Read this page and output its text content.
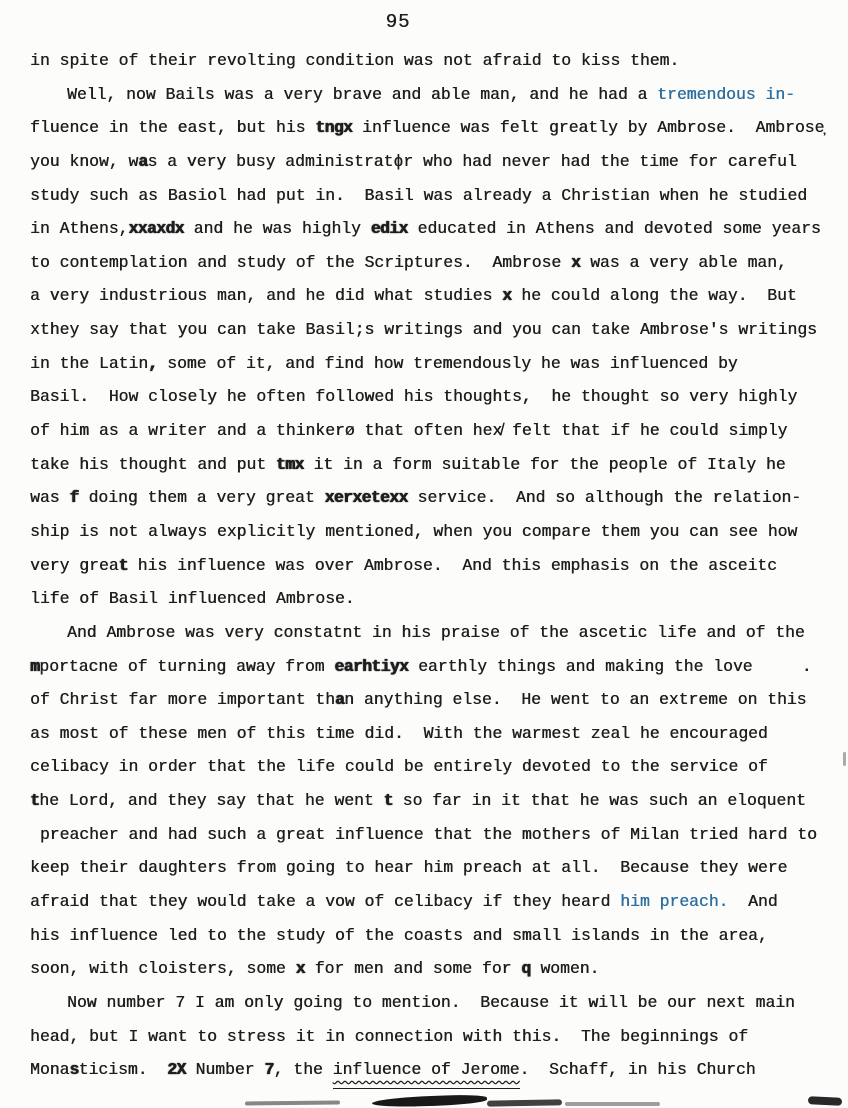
95
in spite of their revolting condition was not afraid to kiss them.
Well, now Bails was a very brave and able man, and he had a tremendous in-
fluence in the east, but his tngx influence was felt greatly by Ambrose.  Ambrose̦
you know, was a very busy administratɸr who had never had the time for careful
study such as Basiol had put in.  Basil was already a Christian when he studied
in Athens,xxaxdx and he was highly edix educated in Athens and devoted some years
to contemplation and study of the Scriptures.  Ambrose x was a very able man,
a very industrious man, and he did what studies x he could along the way.  But
xthey say that you can take Basil;s writings and you can take Ambrose's writings
in the Latin, some of it, and find how tremendously he was influenced by
Basil.  How closely he often followed his thoughts,  he thought so very highly
of him as a writer and a thinkerø that often hex̸ felt that if he could simply
take his thought and put tmx it in a form suitable for the people of Italy he
was f doing them a very great xerxetexx service.  And so although the relation-
ship is not always explicitly mentioned, when you compare them you can see how
very great his influence was over Ambrose.  And this emphasis on the asceitc
life of Basil influenced Ambrose.
And Ambrose was very constatnt in his praise of the ascetic life and of the
mportacne of turning away from earhtiyx earthly things and making the love     .
of Christ far more important than anything else.  He went to an extreme on this
as most of these men of this time did.  With the warmest zeal he encouraged
celibacy in order that the life could be entirely devoted to the service of
the Lord, and they say that he went t so far in it that he was such an eloquent
preacher and had such a great influence that the mothers of Milan tried hard to
keep their daughters from going to hear him preach at all.  Because they were
afraid that they would take a vow of celibacy if they heard him preach.  And
his influence led to the study of the coasts and small islands in the area,
soon, with cloisters, some x for men and some for q women.
Now number 7 I am only going to mention.  Because it will be our next main
head, but I want to stress it in connection with this.  The beginnings of
Monasticism.  2X Number 7, the influence of Jerome.  Schaff, in his Church
